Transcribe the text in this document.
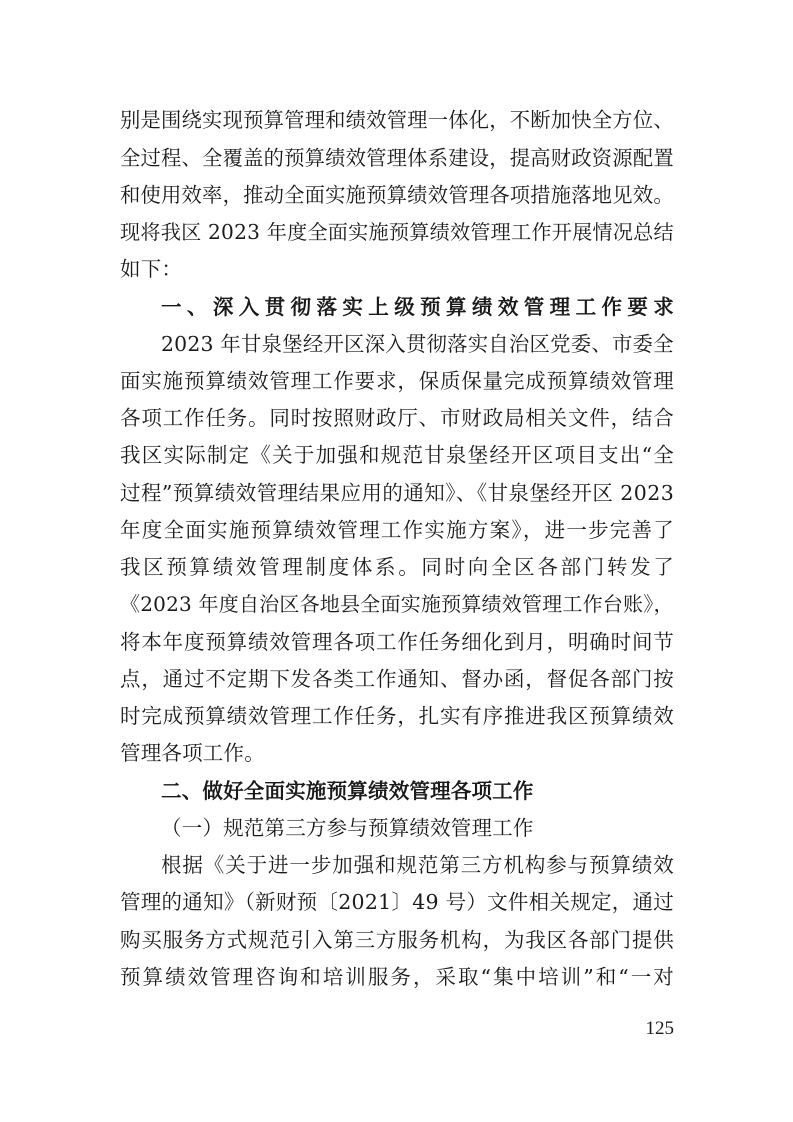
别是围绕实现预算管理和绩效管理一体化，不断加快全方位、
全过程、全覆盖的预算绩效管理体系建设，提高财政资源配置
和使用效率，推动全面实施预算绩效管理各项措施落地见效。
现将我区 2023 年度全面实施预算绩效管理工作开展情况总结
如下：
一、深入贯彻落实上级预算绩效管理工作要求
2023 年甘泉堡经开区深入贯彻落实自治区党委、市委全
面实施预算绩效管理工作要求，保质保量完成预算绩效管理
各项工作任务。同时按照财政厅、市财政局相关文件，结合
我区实际制定《关于加强和规范甘泉堡经开区项目支出“全
过程”预算绩效管理结果应用的通知》、《甘泉堡经开区 2023
年度全面实施预算绩效管理工作实施方案》，进一步完善了
我区预算绩效管理制度体系。同时向全区各部门转发了
《2023 年度自治区各地县全面实施预算绩效管理工作台账》，
将本年度预算绩效管理各项工作任务细化到月，明确时间节
点，通过不定期下发各类工作通知、督办函，督促各部门按
时完成预算绩效管理工作任务，扎实有序推进我区预算绩效
管理各项工作。
二、做好全面实施预算绩效管理各项工作
（一）规范第三方参与预算绩效管理工作
根据《关于进一步加强和规范第三方机构参与预算绩效
管理的通知》（新财预〔2021〕49 号）文件相关规定，通过
购买服务方式规范引入第三方服务机构，为我区各部门提供
预算绩效管理咨询和培训服务，采取“集中培训”和“一对
125
